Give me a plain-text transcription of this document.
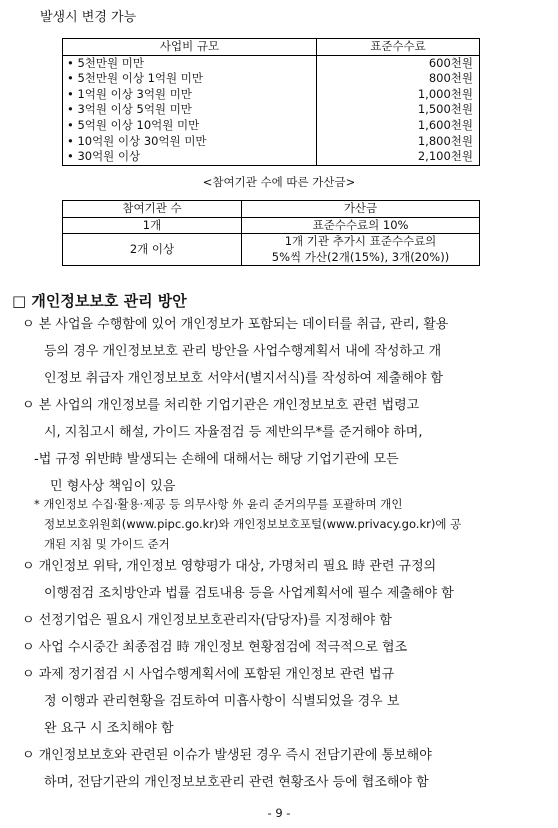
발생시 변경 가능
사업비 규모	표준수수료
• 5천만원 미만	600천원
• 5천만원 이상 1억원 미만	800천원
• 1억원 이상 3억원 미만	1,000천원
• 3억원 이상 5억원 미만	1,500천원
• 5억원 이상 10억원 미만	1,600천원
• 10억원 이상 30억원 미만	1,800천원
• 30억원 이상	2,100천원
<참여기관 수에 따른 가산금>
참여기관 수	가산금
1개	표준수수료의 10%
2개 이상	1개 기관 추가시 표준수수료의
5%씩 가산(2개(15%), 3개(20%))
□ 개인정보보호 관리 방안
ㅇ 본 사업을 수행함에 있어 개인정보가 포함되는 데이터를 취급, 관리, 활용
등의 경우 개인정보보호 관리 방안을 사업수행계획서 내에 작성하고 개
인정보 취급자 개인정보보호 서약서(별지서식)를 작성하여 제출해야 함
ㅇ 본 사업의 개인정보를 처리한 기업기관은 개인정보보호 관련 법령고
시, 지침고시 해설, 가이드 자율점검 등 제반의무*를 준거해야 하며,
-법 규정 위반時 발생되는 손해에 대해서는 해당 기업기관에 모든
민 형사상 책임이 있음
* 개인정보 수집·활용·제공 등 의무사항 外 윤리 준거의무를 포괄하며 개인
정보보호위원회(www.pipc.go.kr)와 개인정보보호포털(www.privacy.go.kr)에 공
개된 지침 및 가이드 준거
ㅇ 개인정보 위탁, 개인정보 영향평가 대상, 가명처리 필요 時 관련 규정의
이행점검 조치방안과 법률 검토내용 등을 사업계획서에 필수 제출해야 함
ㅇ 선정기업은 필요시 개인정보보호관리자(담당자)를 지정해야 함
ㅇ 사업 수시중간 최종점검 時 개인정보 현황점검에 적극적으로 협조
ㅇ 과제 정기점검 시 사업수행계획서에 포함된 개인정보 관련 법규
정 이행과 관리현황을 검토하여 미흡사항이 식별되었을 경우 보
완 요구 시 조치해야 함
ㅇ 개인정보보호와 관련된 이슈가 발생된 경우 즉시 전담기관에 통보해야
하며, 전담기관의 개인정보보호관리 관련 현황조사 등에 협조해야 함
- 9 -
